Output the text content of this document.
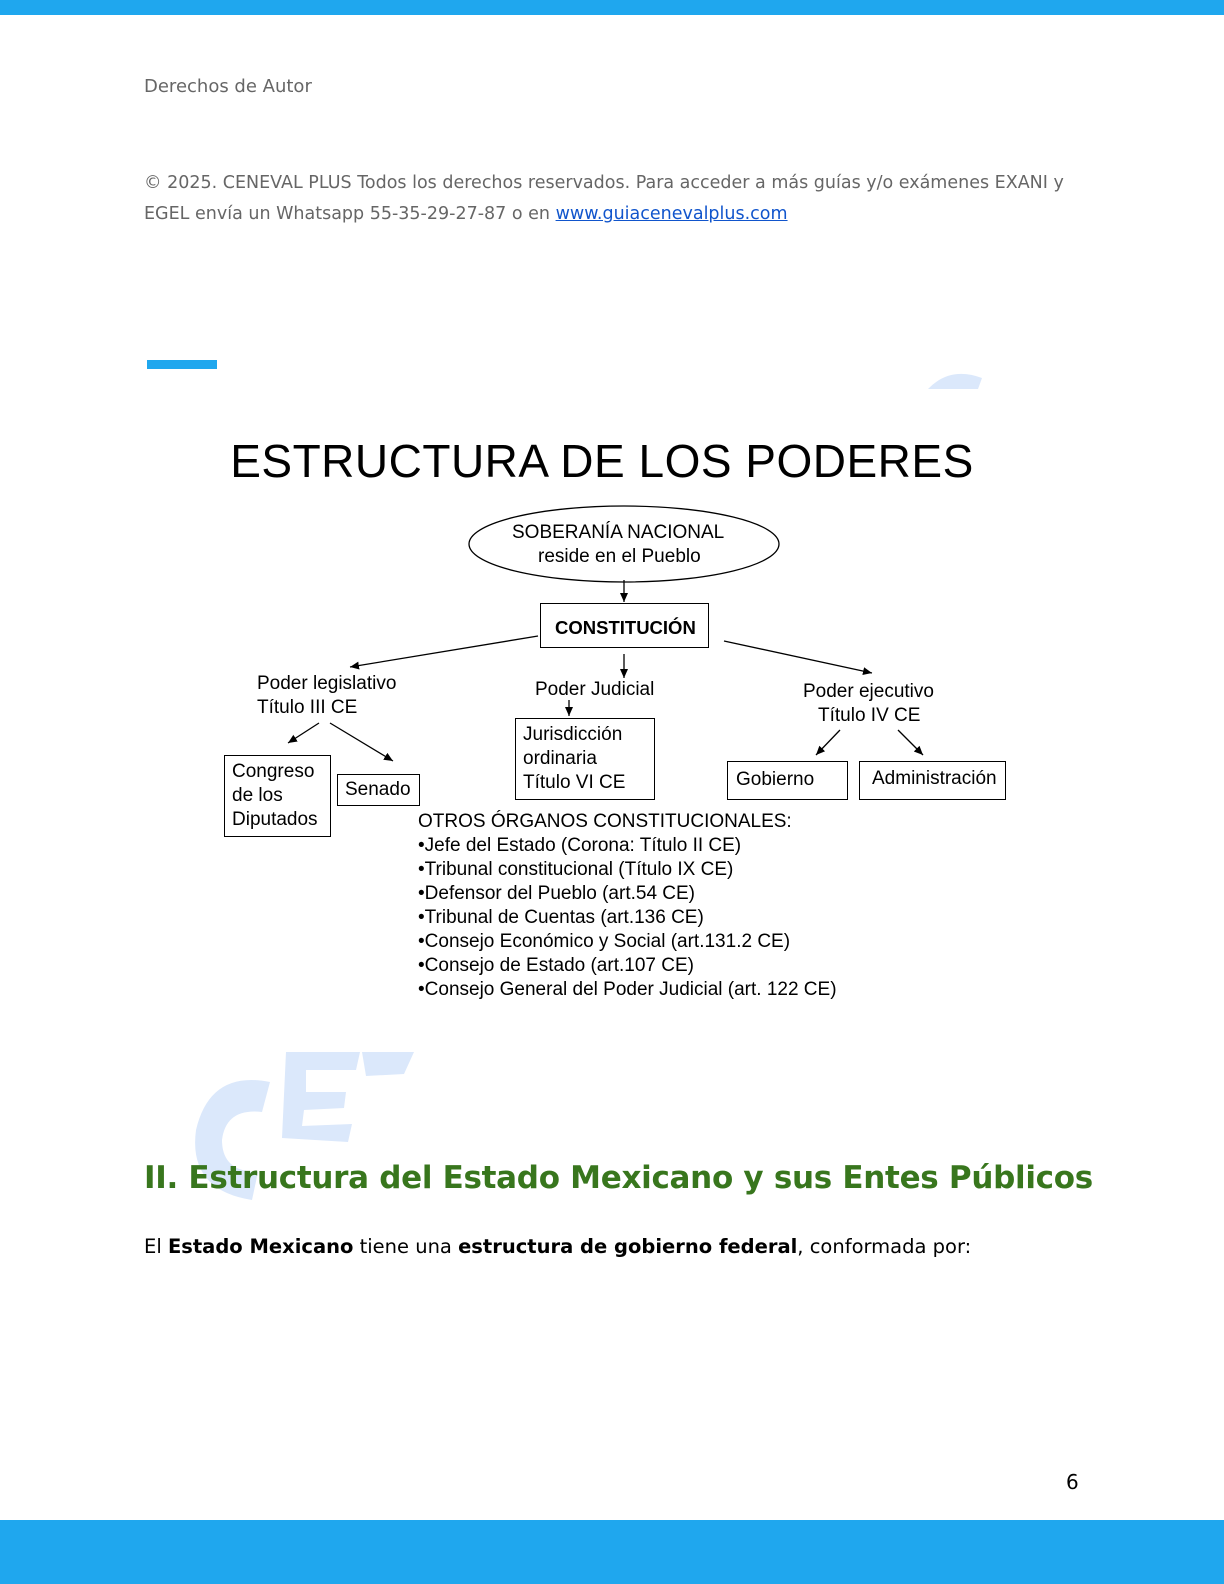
Derechos de Autor
© 2025. CENEVAL PLUS Todos los derechos reservados. Para acceder a más guías y/o exámenes EXANI y EGEL envía un Whatsapp 55-35-29-27-87 o en www.guiacenevalplus.com
ESTRUCTURA DE LOS PODERES
SOBERANÍA NACIONAL
reside en el Pueblo
CONSTITUCIÓN
Poder legislativo
Título III CE
Poder Judicial	Poder ejecutivo
Título IV CE
Congreso
de los
Diputados
Senado
Jurisdicción
ordinaria
Título VI CE	Gobierno	Administración
OTROS ÓRGANOS CONSTITUCIONALES:
•Jefe del Estado (Corona: Título II CE)
•Tribunal constitucional (Título IX CE)
•Defensor del Pueblo (art.54 CE)
•Tribunal de Cuentas (art.136 CE)
•Consejo Económico y Social (art.131.2 CE)
•Consejo de Estado (art.107 CE)
•Consejo General del Poder Judicial (art. 122 CE)
II. Estructura del Estado Mexicano y sus Entes Públicos
El Estado Mexicano tiene una estructura de gobierno federal, conformada por:
6
